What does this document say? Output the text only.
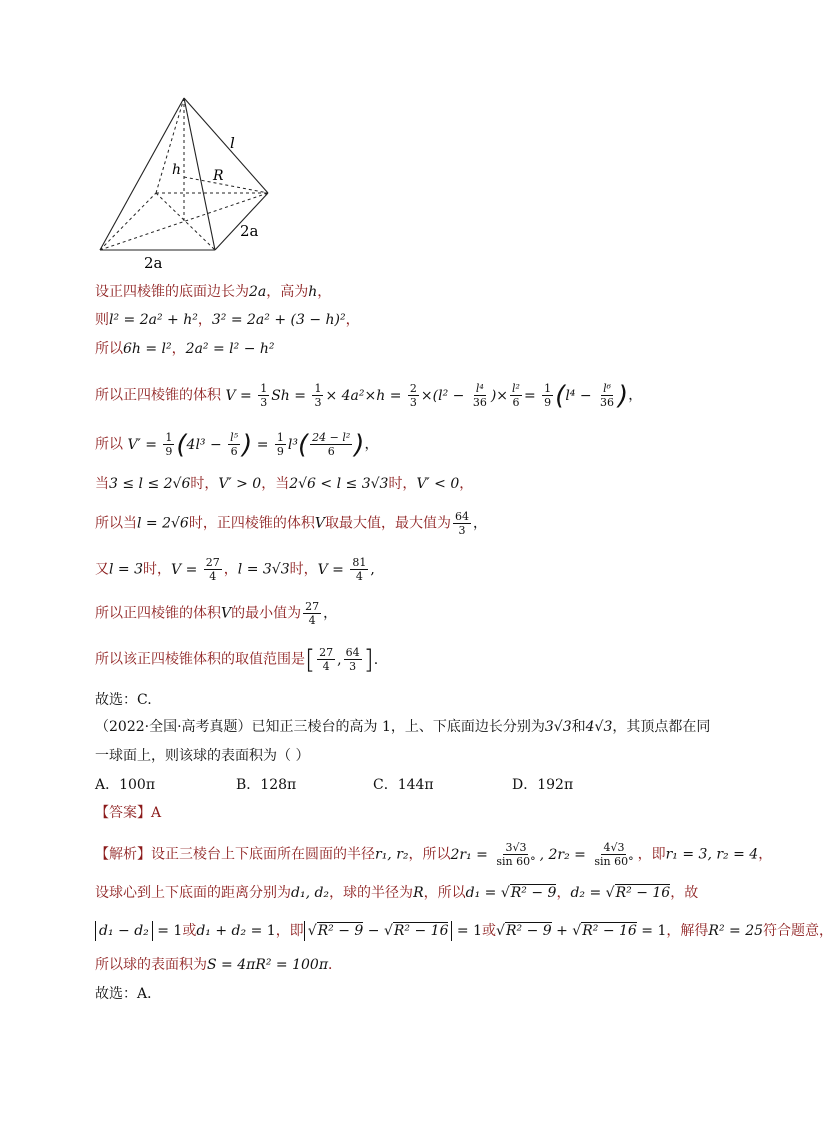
l
h R
2a
2a
设正四棱锥的底面边长为2a，高为h，
则l² = 2a² + h²，3² = 2a² + (3 − h)²，
所以6h = l²，2a² = l² − h²
所以正四棱锥的体积 $V = \frac{1}{3}$ $Sh = \frac{1}{3} \times 4a^2\times h = \frac{2}{3} \times(l^2 - \frac{\text{l⁴}}{36}$ )× $\frac{\text{l²}}{6} = \frac{1}{9} (l^4 - \frac{\text{l⁶}}{36}$ )，
所以 $V' = \frac{1}{9} (4l^3 - \frac{\text{l⁵}}{6}$ ) = $\frac{1}{9} l^3( \frac{\text{24 − l²}}{6}$ )，
当3 ≤ l ≤ 2√6时，V′ > 0，当2√6 < l ≤ 3√3时，V′ < 0，
所以当l = 2√6时，正四棱锥的体积V取最大值，最大值为 $\frac{64}{3}$ ，
又l = 3时，$V = \frac{27}{4}$ ，l = 3√3时，$V = \frac{81}{4}$ ,
所以正四棱锥的体积V的最小值为 $\frac{27}{4}$ ，
所以该正四棱锥体积的取值范围是[ $\frac{27}{4}$ , $\frac{64}{3}$ ].
故选：C.
（2022·全国·高考真题）已知正三棱台的高为 1，上、下底面边长分别为3√3和4√3，其顶点都在同
一球面上，则该球的表面积为（ ）
A．100π	B．128π	C．144π	D．192π
【答案】A
【解析】设正三棱台上下底面所在圆面的半径r₁, r₂，所以$2r_1 = \frac{3√3}{\sin 60^\circ}$ , $2r_2 = \frac{4√3}{\sin 60^\circ}$ ，即r₁ = 3, r₂ = 4，
设球心到上下底面的距离分别为d₁, d₂，球的半径为R，所以d₁ = √R² − 9，d₂ = √R² − 16，故
d₁ − d₂ = 1或d₁ + d₂ = 1，即 √R² − 9 − √R² − 16 = 1或√R² − 9 + √R² − 16 = 1，解得R² = 25符合题意，
所以球的表面积为S = 4πR² = 100π．
故选：A．
